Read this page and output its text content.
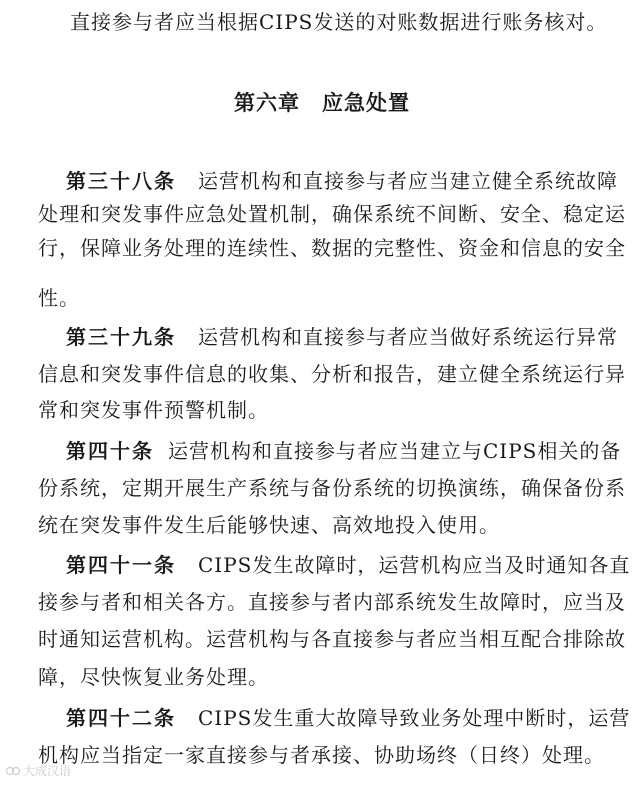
直接参与者应当根据CIPS发送的对账数据进行账务核对。
第六章 应急处置
第三十八条 运营机构和直接参与者应当建立健全系统故障
处理和突发事件应急处置机制，确保系统不间断、安全、稳定运
行，保障业务处理的连续性、数据的完整性、资金和信息的安全
性。
第三十九条 运营机构和直接参与者应当做好系统运行异常
信息和突发事件信息的收集、分析和报告，建立健全系统运行异
常和突发事件预警机制。
第四十条 运营机构和直接参与者应当建立与CIPS相关的备
份系统，定期开展生产系统与备份系统的切换演练，确保备份系
统在突发事件发生后能够快速、高效地投入使用。
第四十一条 CIPS发生故障时，运营机构应当及时通知各直
接参与者和相关各方。直接参与者内部系统发生故障时，应当及
时通知运营机构。运营机构与各直接参与者应当相互配合排除故
障，尽快恢复业务处理。
第四十二条 CIPS发生重大故障导致业务处理中断时，运营
机构应当指定一家直接参与者承接、协助场终（日终）处理。
大成汉语
